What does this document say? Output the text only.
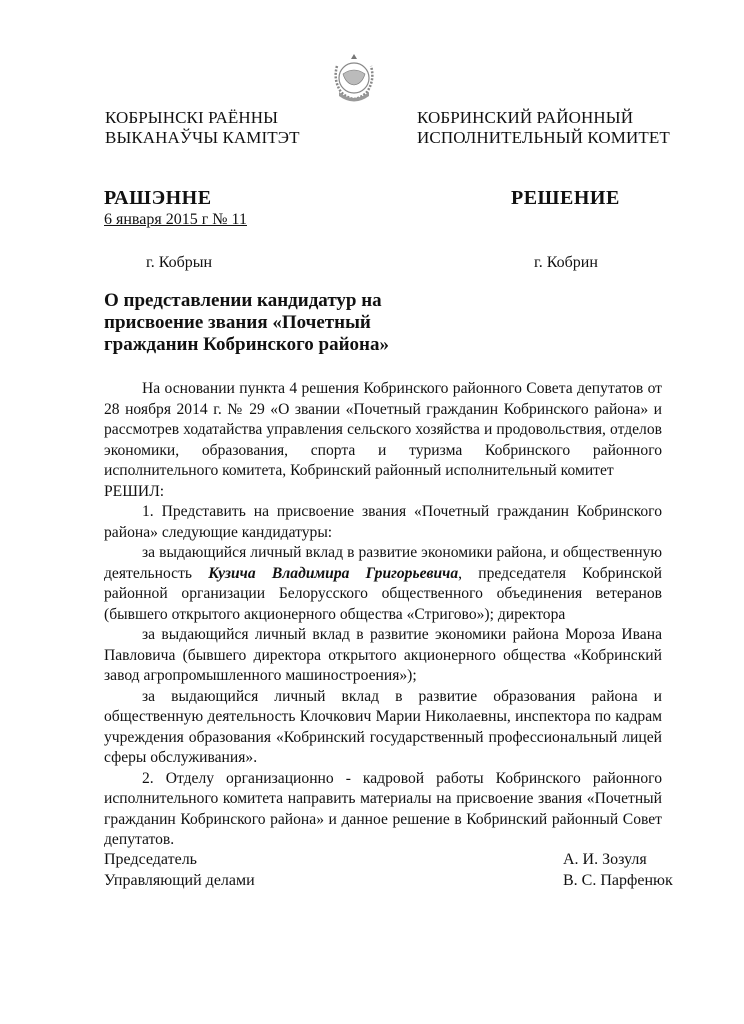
КОБРЫНСКІ РАЁННЫ
ВЫКАНАЎЧЫ КАМІТЭТ
КОБРИНСКИЙ РАЙОННЫЙ
ИСПОЛНИТЕЛЬНЫЙ КОМИТЕТ
РАШЭННЕ	РЕШЕНИЕ
6 января 2015 г № 11
г. Кобрын	г. Кобрин
О представлении кандидатур на
присвоение звания «Почетный
гражданин Кобринского района»

На основании пункта 4 решения Кобринского районного Совета депутатов от 28 ноября 2014 г. № 29 «О звании «Почетный гражданин Кобринского района» и рассмотрев ходатайства управления сельского хозяйства и продовольствия, отделов экономики, образования, спорта и туризма Кобринского районного исполнительного комитета, Кобринский районный исполнительный комитет

РЕШИЛ:

1. Представить на присвоение звания «Почетный гражданин Кобринского района» следующие кандидатуры:

за выдающийся личный вклад в развитие экономики района, и общественную деятельность Кузича Владимира Григорьевича, председателя Кобринской районной организации Белорусского общественного объединения ветеранов (бывшего открытого акционерного общества «Стригово»); директора

за выдающийся личный вклад в развитие экономики района Мороза Ивана Павловича (бывшего директора открытого акционерного общества «Кобринский завод агропромышленного машиностроения»);

за выдающийся личный вклад в развитие образования района и общественную деятельность Клочкович Марии Николаевны, инспектора по кадрам учреждения образования «Кобринский государственный профессиональный лицей сферы обслуживания».

2. Отделу организационно - кадровой работы Кобринского районного исполнительного комитета направить материалы на присвоение звания «Почетный гражданин Кобринского района» и данное решение в Кобринский районный Совет депутатов.

Председатель
Управляющий делами
А. И. Зозуля
В. С. Парфенюк
